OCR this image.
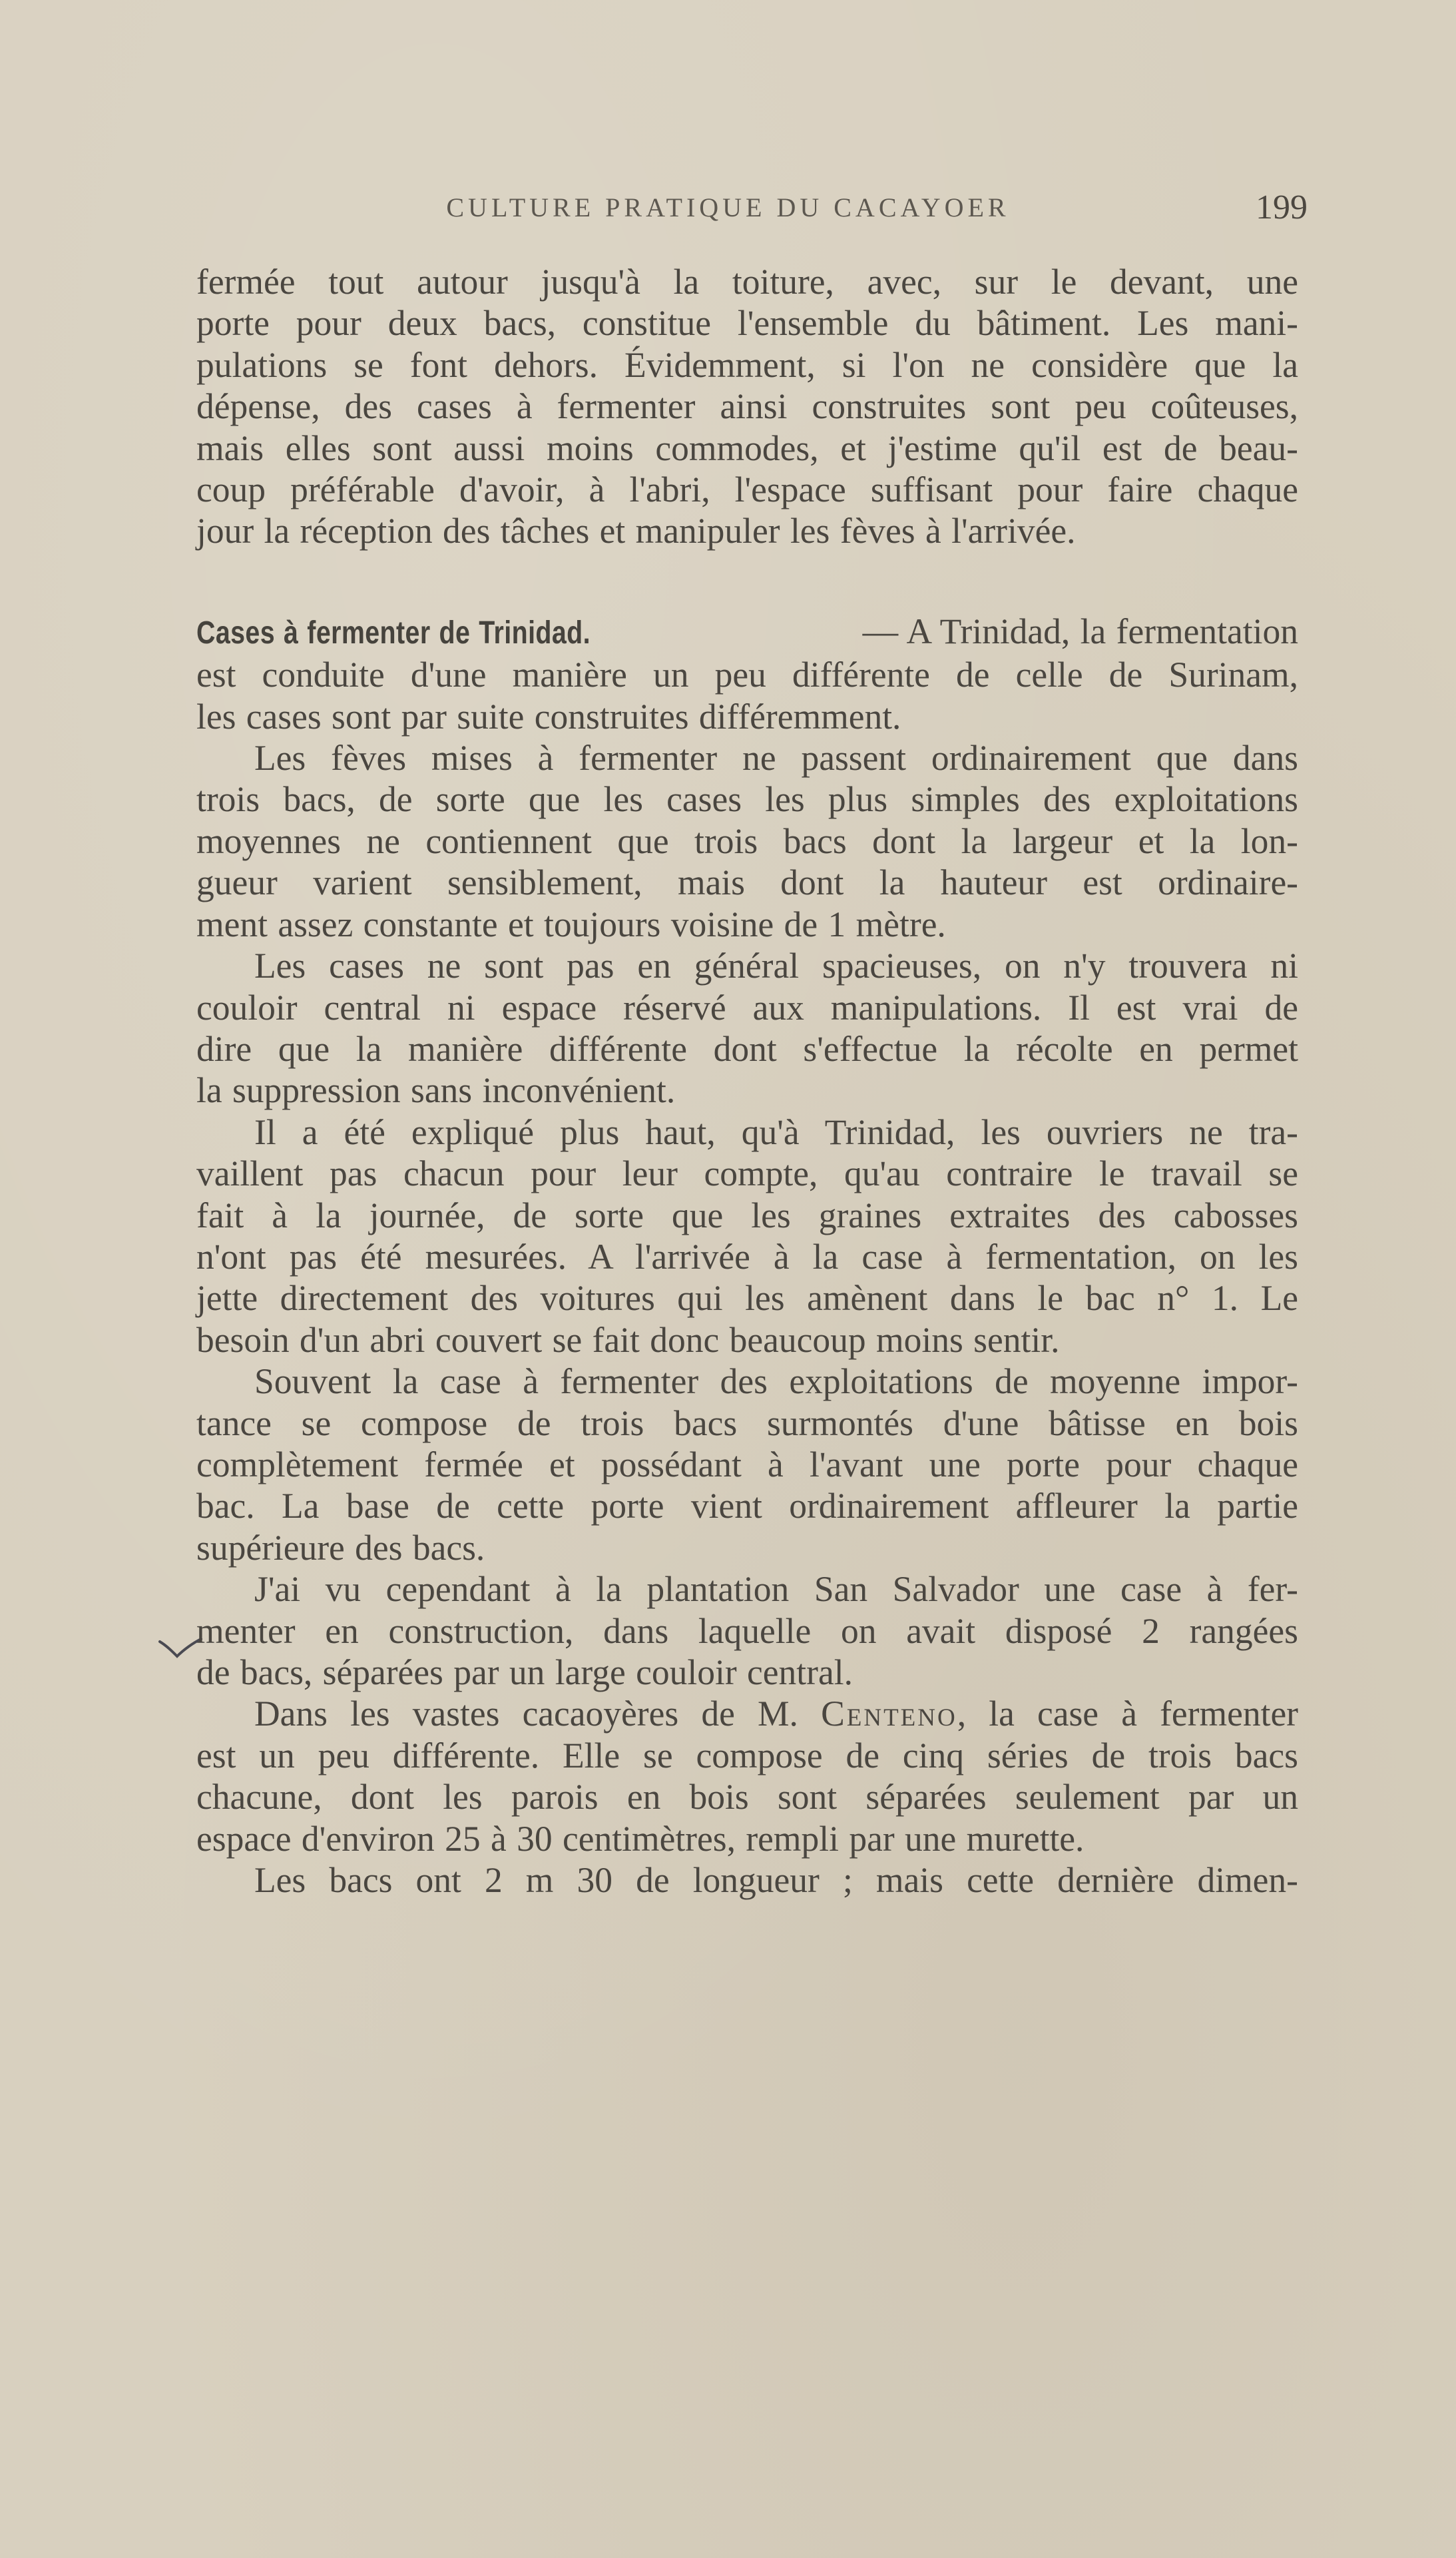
CULTURE PRATIQUE DU CACAYOER	199
fermée tout autour jusqu'à la toiture, avec, sur le devant, une
porte pour deux bacs, constitue l'ensemble du bâtiment. Les mani-
pulations se font dehors. Évidemment, si l'on ne considère que la
dépense, des cases à fermenter ainsi construites sont peu coûteuses,
mais elles sont aussi moins commodes, et j'estime qu'il est de beau-
coup préférable d'avoir, à l'abri, l'espace suffisant pour faire chaque
jour la réception des tâches et manipuler les fèves à l'arrivée.
Cases à fermenter de Trinidad.	— A Trinidad, la fermentation
est conduite d'une manière un peu différente de celle de Surinam,
les cases sont par suite construites différemment.
Les fèves mises à fermenter ne passent ordinairement que dans
trois bacs, de sorte que les cases les plus simples des exploitations
moyennes ne contiennent que trois bacs dont la largeur et la lon-
gueur varient sensiblement, mais dont la hauteur est ordinaire-
ment assez constante et toujours voisine de 1 mètre.
Les cases ne sont pas en général spacieuses, on n'y trouvera ni
couloir central ni espace réservé aux manipulations. Il est vrai de
dire que la manière différente dont s'effectue la récolte en permet
la suppression sans inconvénient.
Il a été expliqué plus haut, qu'à Trinidad, les ouvriers ne tra-
vaillent pas chacun pour leur compte, qu'au contraire le travail se
fait à la journée, de sorte que les graines extraites des cabosses
n'ont pas été mesurées. A l'arrivée à la case à fermentation, on les
jette directement des voitures qui les amènent dans le bac n° 1. Le
besoin d'un abri couvert se fait donc beaucoup moins sentir.
Souvent la case à fermenter des exploitations de moyenne impor-
tance se compose de trois bacs surmontés d'une bâtisse en bois
complètement fermée et possédant à l'avant une porte pour chaque
bac. La base de cette porte vient ordinairement affleurer la partie
supérieure des bacs.
J'ai vu cependant à la plantation San Salvador une case à fer-
menter en construction, dans laquelle on avait disposé 2 rangées
de bacs, séparées par un large couloir central.
Dans les vastes cacaoyères de M. Centeno, la case à fermenter
est un peu différente. Elle se compose de cinq séries de trois bacs
chacune, dont les parois en bois sont séparées seulement par un
espace d'environ 25 à 30 centimètres, rempli par une murette.
Les bacs ont 2 m 30 de longueur ; mais cette dernière dimen-
